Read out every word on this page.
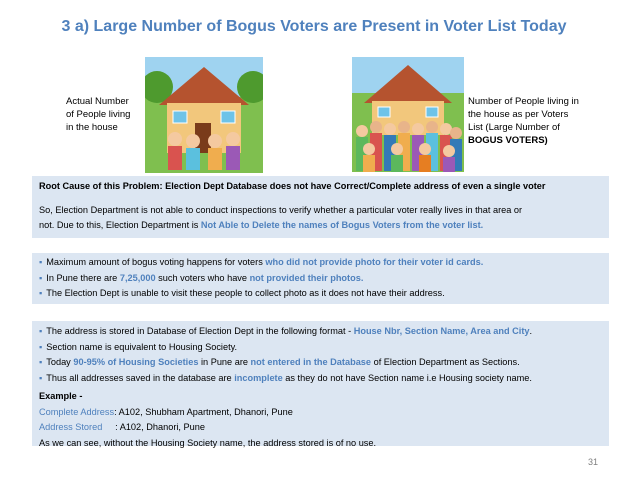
3 a) Large Number of Bogus Voters are Present in Voter List Today
Actual Number
of People living
in the house
Number of People living in
the house as per Voters
List (Large Number of
BOGUS VOTERS)
Root Cause of this Problem: Election Dept Database does not have Correct/Complete address of even a single voter
So, Election Department is not able to conduct inspections to verify whether a particular voter really lives in that area or
not. Due to this, Election Department is Not Able to Delete the names of Bogus Voters from the voter list.
▪ Maximum amount of bogus voting happens for voters who did not provide photo for their voter id cards.
▪ In Pune there are 7,25,000 such voters who have not provided their photos.
▪ The Election Dept is unable to visit these people to collect photo as it does not have their address.
▪ The address is stored in Database of Election Dept in the following format - House Nbr, Section Name, Area and City.
▪ Section name is equivalent to Housing Society.
▪ Today 90-95% of Housing Societies in Pune are not entered in the Database of Election Department as Sections.
▪ Thus all addresses saved in the database are incomplete as they do not have Section name i.e Housing society name.
Example -
Complete Address: A102, Shubham Apartment, Dhanori, Pune
Address Stored     : A102, Dhanori, Pune
As we can see, without the Housing Society name, the address stored is of no use.
31
